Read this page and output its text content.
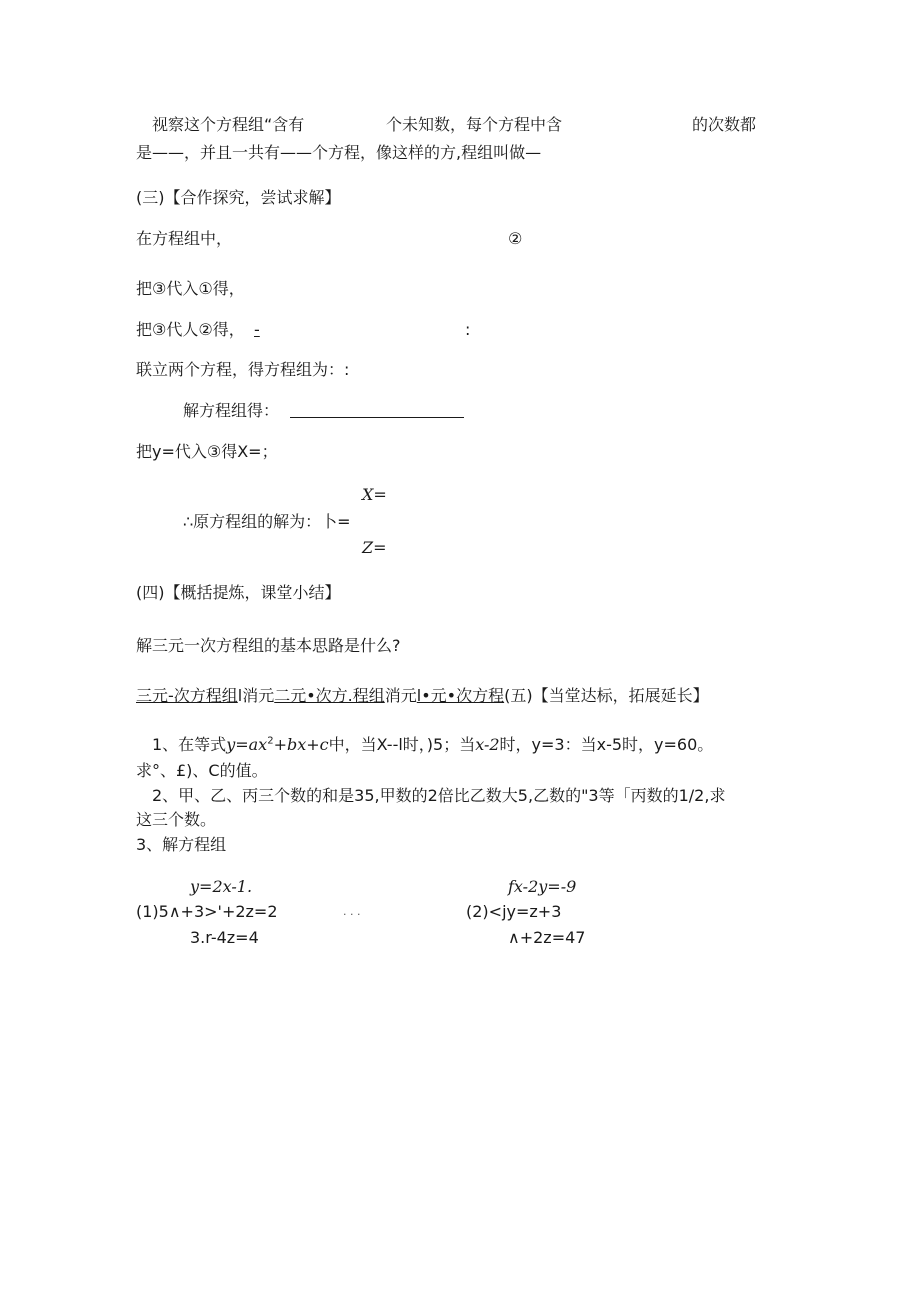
视察这个方程组“含有	个未知数，每个方程中含	的次数都
是——，并且一共有——个方程，像这样的方,程组叫做—
(三)【合作探究，尝试求解】
在方程组中，	②
把③代入①得，
把③代人②得， -	:
联立两个方程，得方程组为：:
解方程组得：
把y=代入③得X=；
X=
∴原方程组的解为：卜=
Z=
(四)【概括提炼，课堂小结】
解三元一次方程组的基本思路是什么?
三元-次方程组l消元二元•次方.程组消元l•元•次方程(五)【当堂达标，拓展延长】
1、在等式$y=ax^2+bx+c$中，当X--l时，)5；当x-2时，y=3：当x-5时，y=60。
求°、£)、C的值。
2、甲、乙、丙三个数的和是35,甲数的2倍比乙数大5,乙数的"3等「丙数的1/2,求
这三个数。
3、解方程组
y=2x-1.
(1)5∧+3>'+2z=2	. . .
3.r-4z=4
fx-2y=-9
(2)<jy=z+3
∧+2z=47
